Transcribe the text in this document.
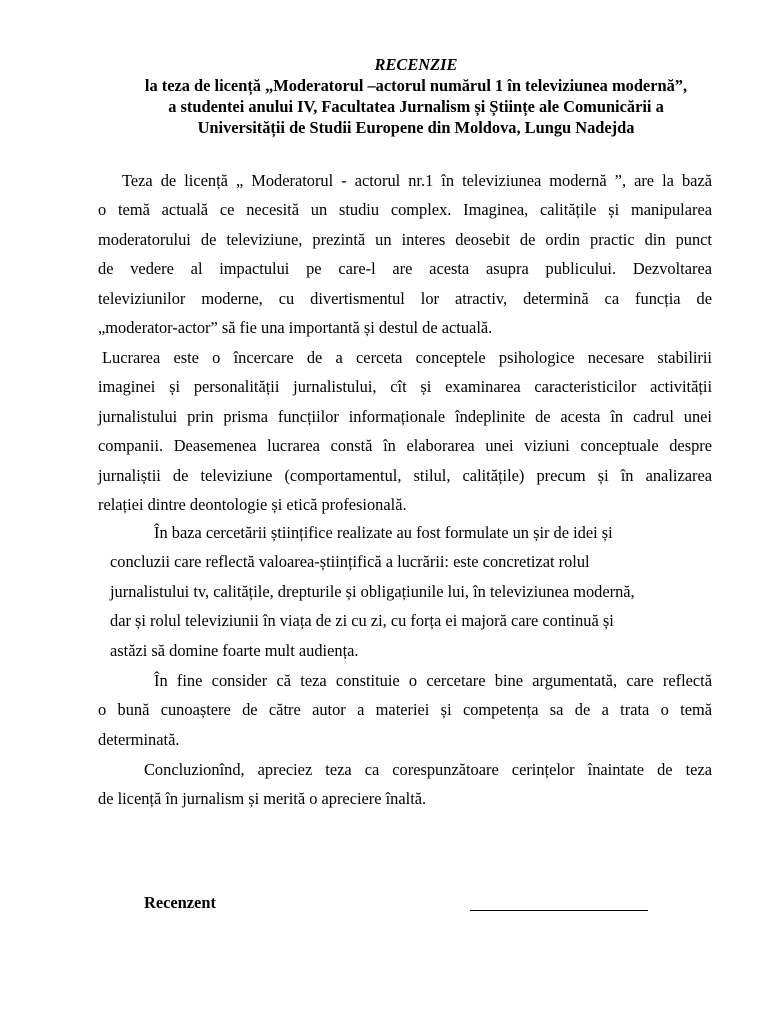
RECENZIE
la teza de licență „Moderatorul –actorul numărul 1 în televiziunea modernă”,
a studentei anului IV, Facultatea Jurnalism și Științe ale Comunicării a
Universității de Studii Europene din Moldova, Lungu Nadejda
Teza de licență „ Moderatorul - actorul nr.1 în televiziunea modernă ”, are la bază
o temă actuală ce necesită un studiu complex. Imaginea, calitățile și manipularea
moderatorului de televiziune, prezintă un interes deosebit de ordin practic din punct
de vedere al impactului pe care-l are acesta asupra publicului. Dezvoltarea
televiziunilor moderne, cu divertismentul lor atractiv, determină ca funcția de
„moderator-actor” să fie una importantă și destul de actuală.
Lucrarea este o încercare de a cerceta conceptele psihologice necesare stabilirii
imaginei și personalității jurnalistului, cît și examinarea caracteristicilor activității
jurnalistului prin prisma funcțiilor informaționale îndeplinite de acesta în cadrul unei
companii. Deasemenea lucrarea constă în elaborarea unei viziuni conceptuale despre
jurnaliștii de televiziune (comportamentul, stilul, calitățile) precum și în analizarea
relației dintre deontologie și etică profesională.
În baza cercetării științifice realizate au fost formulate un șir de idei și
concluzii care reflectă valoarea-științifică a lucrării: este concretizat rolul
jurnalistului tv, calitățile, drepturile și obligațiunile lui, în televiziunea modernă,
dar și rolul televiziunii în viața de zi cu zi, cu forța ei majoră care continuă și
astăzi să domine foarte mult audiența.
În fine consider că teza constituie o cercetare bine argumentată, care reflectă
o bună cunoaștere de către autor a materiei și competența sa de a trata o temă
determinată.
Concluzionînd, apreciez teza ca corespunzătoare cerințelor înaintate de teza
de licență în jurnalism și merită o apreciere înaltă.
Recenzent
